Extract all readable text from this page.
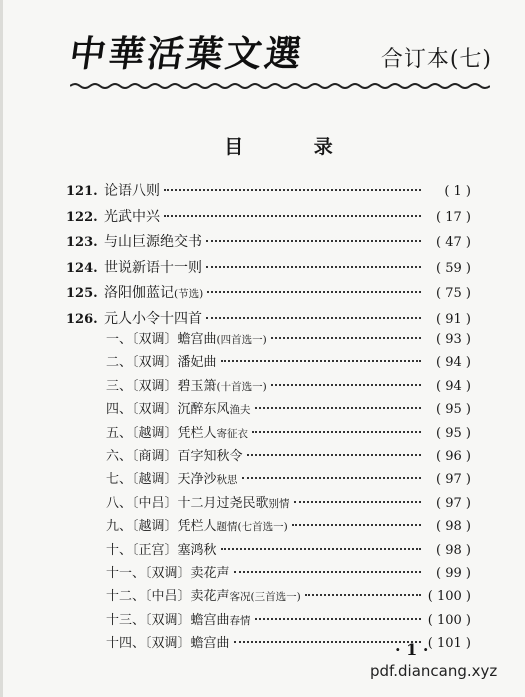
中華活葉文選	合订本(七)
目 录
121. 论语八则	( 1 )
122. 光武中兴	( 17 )
123. 与山巨源绝交书	( 47 )
124. 世说新语十一则	( 59 )
125. 洛阳伽蓝记(节选)	( 75 )
126. 元人小令十四首	( 91 )
一、〔双调〕蟾宫曲(四首选一)	( 93 )
二、〔双调〕潘妃曲	( 94 )
三、〔双调〕碧玉箫(十首选一)	( 94 )
四、〔双调〕沉醉东风渔夫	( 95 )
五、〔越调〕凭栏人寄征衣	( 95 )
六、〔商调〕百字知秋令	( 96 )
七、〔越调〕天净沙秋思	( 97 )
八、〔中吕〕十二月过尧民歌别情	( 97 )
九、〔越调〕凭栏人题情(七首选一)	( 98 )
十、〔正宫〕塞鸿秋	( 98 )
十一、〔双调〕卖花声	( 99 )
十二、〔中吕〕卖花声客况(三首选一)	( 100 )
十三、〔双调〕蟾宫曲春情	( 100 )
十四、〔双调〕蟾宫曲	( 101 )
· 1 ·
pdf.diancang.xyz
